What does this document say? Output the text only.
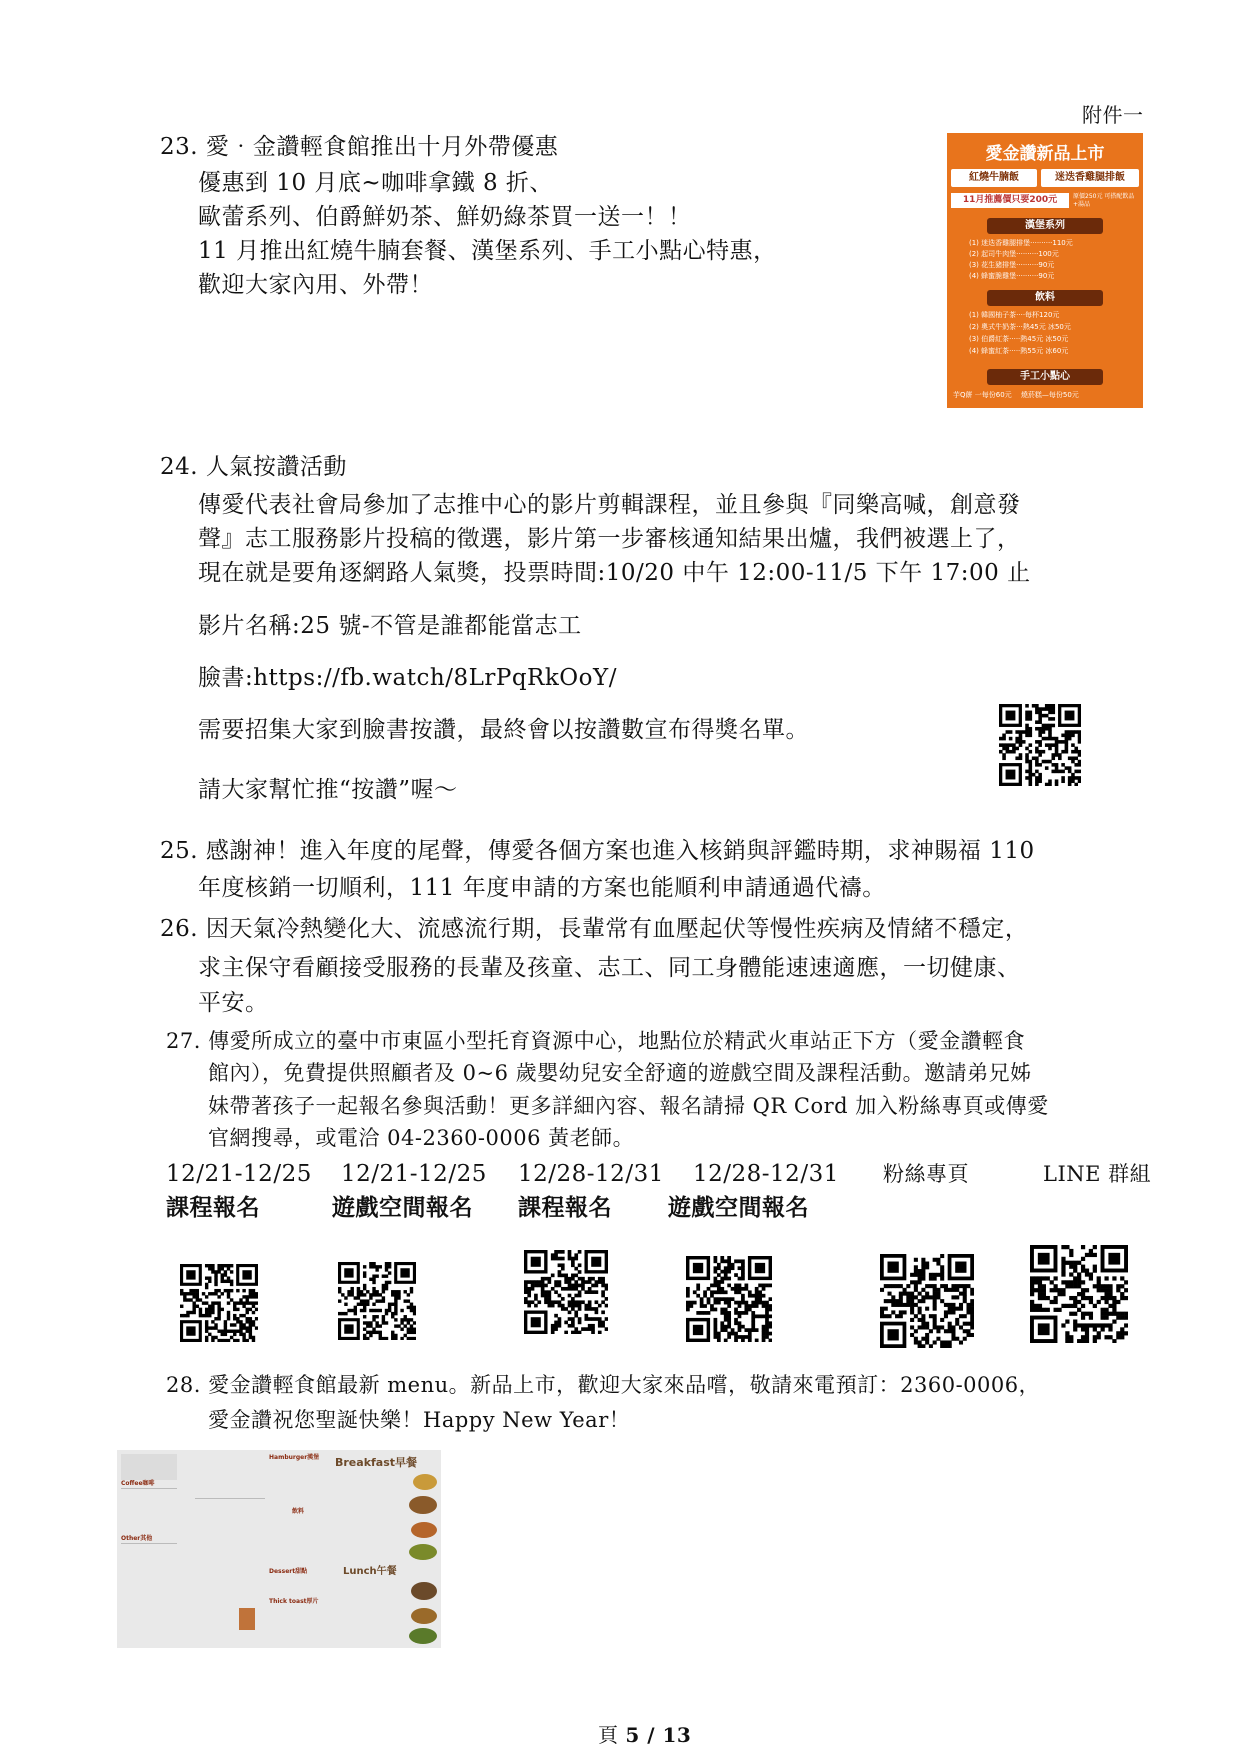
附件一
23. 愛‧金讚輕食館推出十月外帶優惠
優惠到 10 月底~咖啡拿鐵 8 折、
歐蕾系列、伯爵鮮奶茶、鮮奶綠茶買一送一！！
11 月推出紅燒牛腩套餐、漢堡系列、手工小點心特惠，
歡迎大家內用、外帶！
愛金讚新品上市
紅燒牛腩飯	迷迭香雞腿排飯
11月推薦價只要200元	原價250元 可搭配飲品+湯品
漢堡系列
(1) 迷迭香雞腿排堡··········110元
(2) 起司牛肉堡··········100元
(3) 花生豬排堡··········90元
(4) 蜂蜜脆雞堡··········90元
飲料
(1) 韓國柚子茶····每杯120元
(2) 奧式牛奶茶···熱45元 冰50元
(3) 伯爵紅茶·····熱45元 冰50元
(4) 蜂蜜紅茶·····熱55元 冰60元
手工小點心
芋Q餅 一每份60元　 燒菸糕—每份50元
24. 人氣按讚活動
傳愛代表社會局參加了志推中心的影片剪輯課程，並且參與『同樂高喊，創意發
聲』志工服務影片投稿的徵選，影片第一步審核通知結果出爐，我們被選上了，
現在就是要角逐網路人氣獎，投票時間:10/20 中午 12:00-11/5 下午 17:00 止
影片名稱:25 號-不管是誰都能當志工
臉書:https://fb.watch/8LrPqRkOoY/
需要招集大家到臉書按讚，最終會以按讚數宣布得獎名單。
請大家幫忙推“按讚”喔～
25. 感謝神！進入年度的尾聲，傳愛各個方案也進入核銷與評鑑時期，求神賜福 110
年度核銷一切順利，111 年度申請的方案也能順利申請通過代禱。
26. 因天氣冷熱變化大、流感流行期，長輩常有血壓起伏等慢性疾病及情緒不穩定，
求主保守看顧接受服務的長輩及孩童、志工、同工身體能速速適應，一切健康、
平安。
27. 傳愛所成立的臺中市東區小型托育資源中心，地點位於精武火車站正下方（愛金讚輕食
館內），免費提供照顧者及 0~6 歲嬰幼兒安全舒適的遊戲空間及課程活動。邀請弟兄姊
妹帶著孩子一起報名參與活動！更多詳細內容、報名請掃 QR Cord 加入粉絲專頁或傳愛
官網搜尋，或電洽 04-2360-0006 黃老師。
12/21-12/25 12/21-12/25 12/28-12/31 12/28-12/31 粉絲專頁	LINE 群組
課程報名	遊戲空間報名 課程報名 遊戲空間報名
28. 愛金讚輕食館最新 menu。新品上市，歡迎大家來品嚐，敬請來電預訂：2360-0006，
愛金讚祝您聖誕快樂！Happy New Year！
Coffee咖啡
Other其他
Hamburger漢堡
飲料
Dessert甜點
Thick toast厚片
Breakfast早餐
Lunch午餐
頁 5 / 13
